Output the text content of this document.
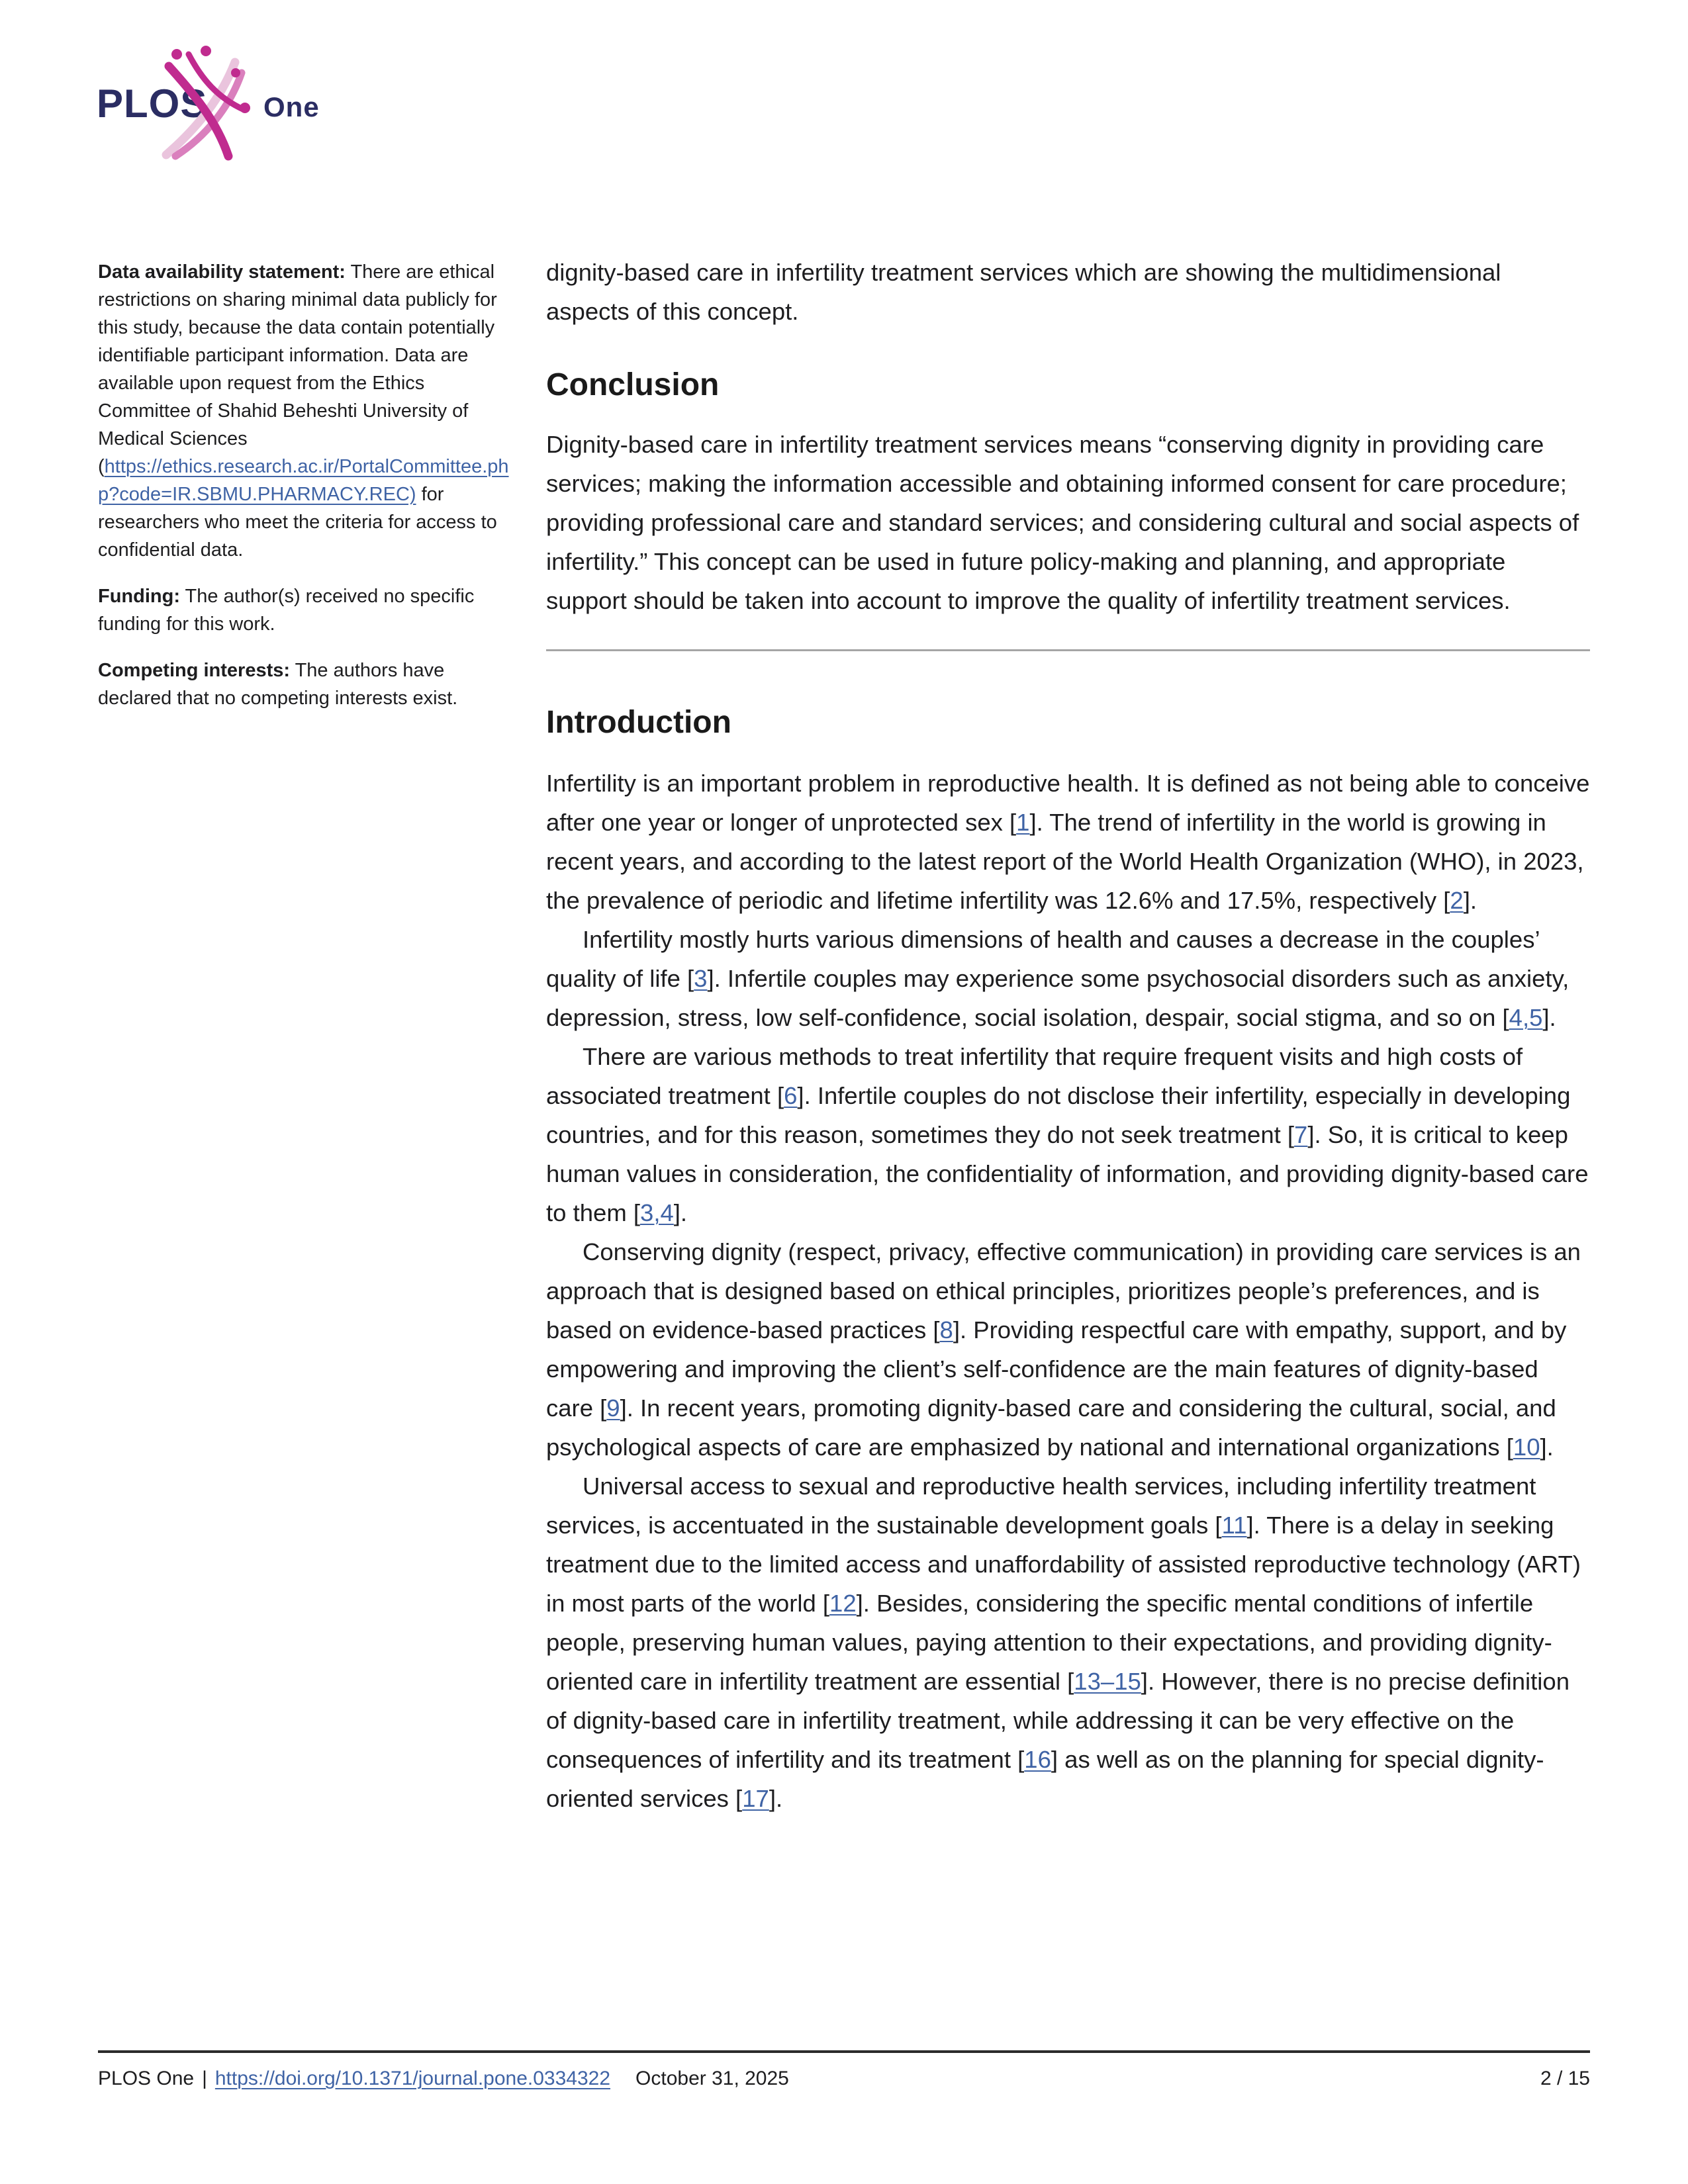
PLOS One

Data availability statement: There are ethical restrictions on sharing minimal data publicly for this study, because the data contain potentially identifiable participant information. Data are available upon request from the Ethics Committee of Shahid Beheshti University of Medical Sciences (https://ethics.research.ac.ir/PortalCommittee.php?code=IR.SBMU.PHARMACY.REC) for researchers who meet the criteria for access to confidential data.

Funding: The author(s) received no specific funding for this work.

Competing interests: The authors have declared that no competing interests exist.

dignity-based care in infertility treatment services which are showing the multidimensional aspects of this concept.

Conclusion

Dignity-based care in infertility treatment services means “conserving dignity in providing care services; making the information accessible and obtaining informed consent for care procedure; providing professional care and standard services; and considering cultural and social aspects of infertility.” This concept can be used in future policy-making and planning, and appropriate support should be taken into account to improve the quality of infertility treatment services.

Introduction

Infertility is an important problem in reproductive health. It is defined as not being able to conceive after one year or longer of unprotected sex [1]. The trend of infertility in the world is growing in recent years, and according to the latest report of the World Health Organization (WHO), in 2023, the prevalence of periodic and lifetime infertility was 12.6% and 17.5%, respectively [2].

Infertility mostly hurts various dimensions of health and causes a decrease in the couples’ quality of life [3]. Infertile couples may experience some psychosocial disorders such as anxiety, depression, stress, low self-confidence, social isolation, despair, social stigma, and so on [4,5].

There are various methods to treat infertility that require frequent visits and high costs of associated treatment [6]. Infertile couples do not disclose their infertility, especially in developing countries, and for this reason, sometimes they do not seek treatment [7]. So, it is critical to keep human values in consideration, the confidentiality of information, and providing dignity-based care to them [3,4].

Conserving dignity (respect, privacy, effective communication) in providing care services is an approach that is designed based on ethical principles, prioritizes people’s preferences, and is based on evidence-based practices [8]. Providing respectful care with empathy, support, and by empowering and improving the client’s self-confidence are the main features of dignity-based care [9]. In recent years, promoting dignity-based care and considering the cultural, social, and psychological aspects of care are emphasized by national and international organizations [10].

Universal access to sexual and reproductive health services, including infertility treatment services, is accentuated in the sustainable development goals [11]. There is a delay in seeking treatment due to the limited access and unaffordability of assisted reproductive technology (ART) in most parts of the world [12]. Besides, considering the specific mental conditions of infertile people, preserving human values, paying attention to their expectations, and providing dignity- oriented care in infertility treatment are essential [13–15]. However, there is no precise definition of dignity-based care in infertility treatment, while addressing it can be very effective on the consequences of infertility and its treatment [16] as well as on the planning for special dignity- oriented services [17].

PLOS One | https://doi.org/10.1371/journal.pone.0334322 October 31, 2025	2 / 15
